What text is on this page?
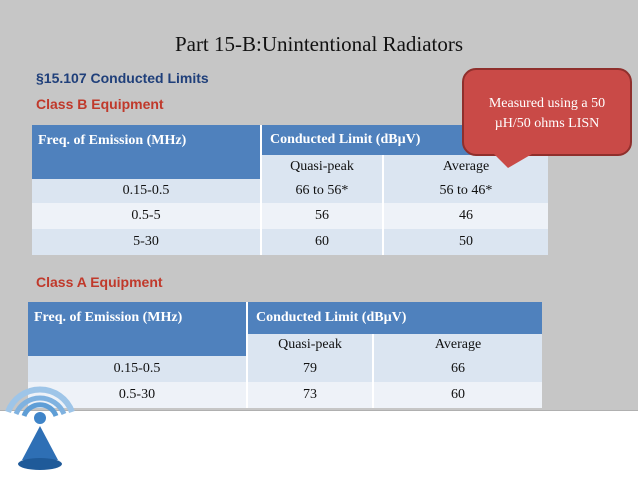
fppt.com
Part 15-B:Unintentional Radiators
§15.107 Conducted Limits
Class B Equipment
Freq. of Emission (MHz)	Conducted Limit (dBµV)	
	Quasi-peak	Average
0.15-0.5	66 to 56*	56 to 46*
0.5-5	56	46
5-30	60	50
Measured using a 50
µH/50 ohms LISN
Class A Equipment
Freq. of Emission (MHz)	Conducted Limit (dBµV)	
	Quasi-peak	Average
0.15-0.5	79	66
0.5-30	73	60
